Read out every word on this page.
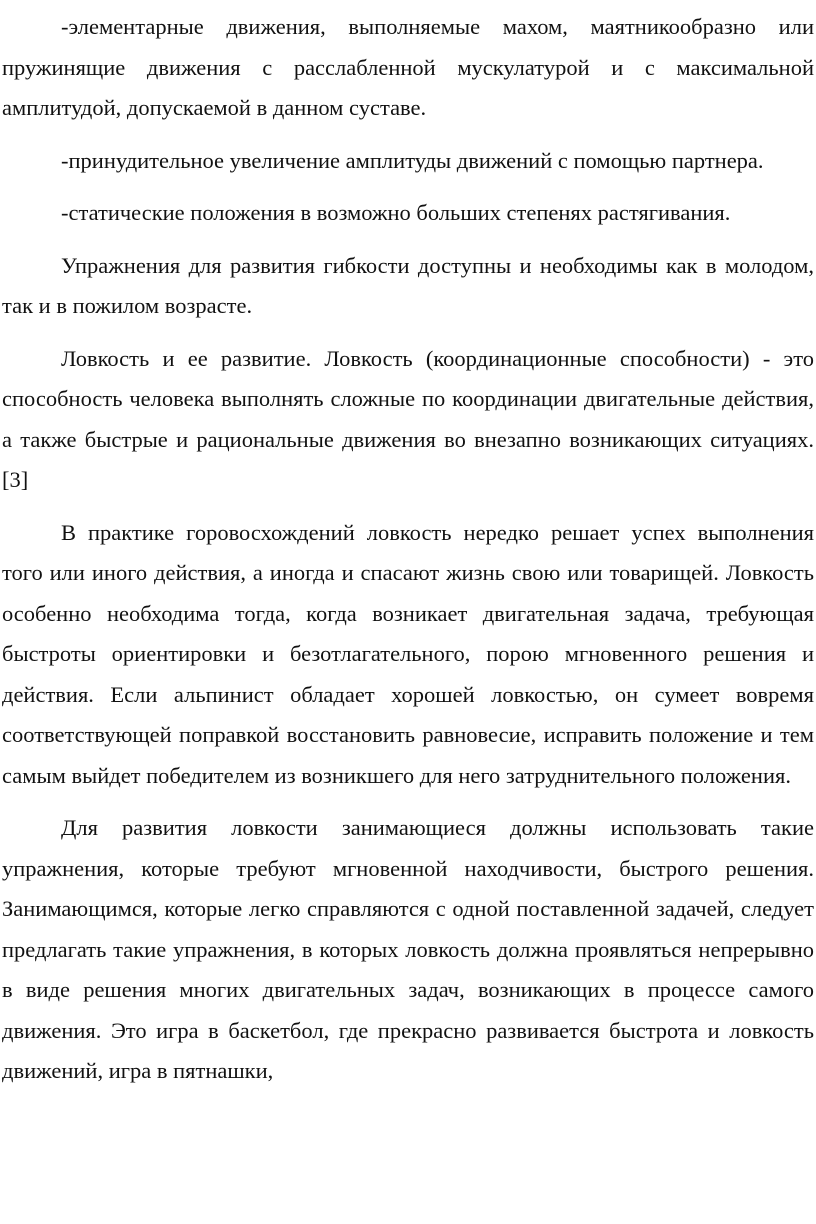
-элементарные движения, выполняемые махом, маятникообразно или пружинящие движения с расслабленной мускулатурой и с максимальной амплитудой, допускаемой в данном суставе.

-принудительное увеличение амплитуды движений с помощью партнера.

-статические положения в возможно больших степенях растягивания.

Упражнения для развития гибкости доступны и необходимы как в молодом, так и в пожилом возрасте.

Ловкость и ее развитие. Ловкость (координационные способности) - это способность человека выполнять сложные по координации двигательные действия, а также быстрые и рациональные движения во внезапно возникающих ситуациях. [3]

В практике горовосхождений ловкость нередко решает успех выполнения того или иного действия, а иногда и спасают жизнь свою или товарищей. Ловкость особенно необходима тогда, когда возникает двигательная задача, требующая быстроты ориентировки и безотлагательного, порою мгновенного решения и действия. Если альпинист обладает хорошей ловкостью, он сумеет вовремя соответствующей поправкой восстановить равновесие, исправить положение и тем самым выйдет победителем из возникшего для него затруднительного положения.

Для развития ловкости занимающиеся должны использовать такие упражнения, которые требуют мгновенной находчивости, быстрого решения. Занимающимся, которые легко справляются с одной поставленной задачей, следует предлагать такие упражнения, в которых ловкость должна проявляться непрерывно в виде решения многих двигательных задач, возникающих в процессе самого движения. Это игра в баскетбол, где прекрасно развивается быстрота и ловкость движений, игра в пятнашки,
